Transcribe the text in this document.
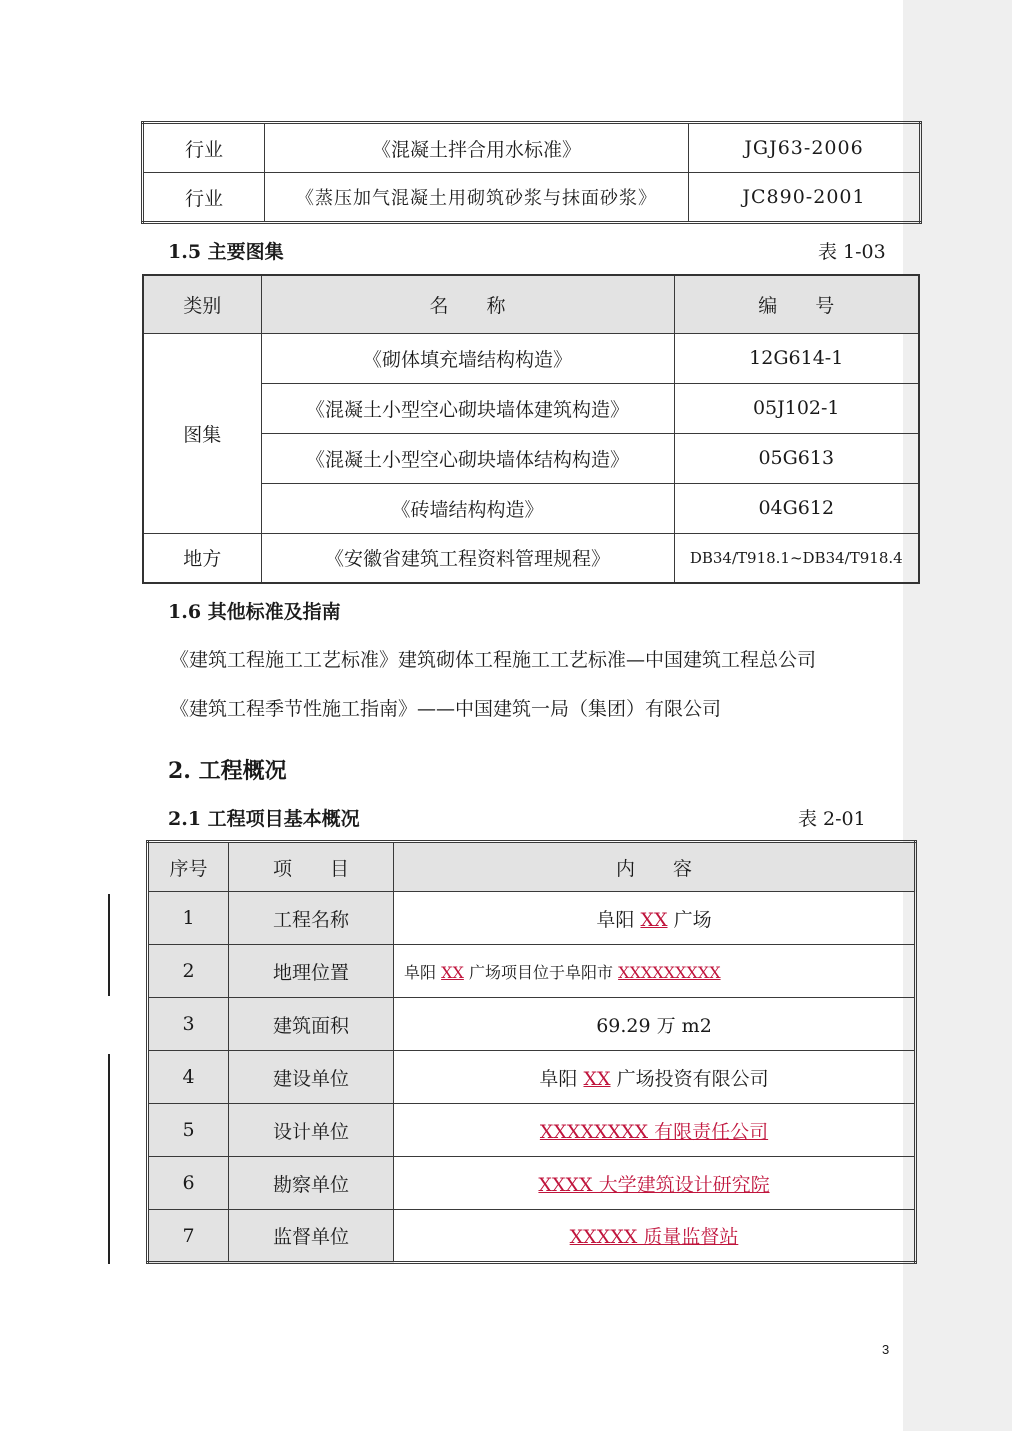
行业	《混凝土拌合用水标准》	JGJ63-2006
行业	《蒸压加气混凝土用砌筑砂浆与抹面砂浆》	JC890-2001
1.5 主要图集	表 1-03
类别	名　　称	编　　号
图集	《砌体填充墙结构构造》	12G614-1
	《混凝土小型空心砌块墙体建筑构造》	05J102-1
	《混凝土小型空心砌块墙体结构构造》	05G613
	《砖墙结构构造》	04G612
地方	《安徽省建筑工程资料管理规程》	DB34/T918.1~DB34/T918.4
1.6 其他标准及指南
《建筑工程施工工艺标准》建筑砌体工程施工工艺标准—中国建筑工程总公司
《建筑工程季节性施工指南》——中国建筑一局（集团）有限公司
2. 工程概况
2.1 工程项目基本概况	表 2-01
序号	项　　目	内　　容
1	工程名称	阜阳 XX 广场
2	地理位置	阜阳 XX 广场项目位于阜阳市 XXXXXXXXX
3	建筑面积	69.29 万 m2
4	建设单位	阜阳 XX 广场投资有限公司
5	设计单位	XXXXXXXX 有限责任公司
6	勘察单位	XXXX 大学建筑设计研究院
7	监督单位	XXXXX 质量监督站
3
